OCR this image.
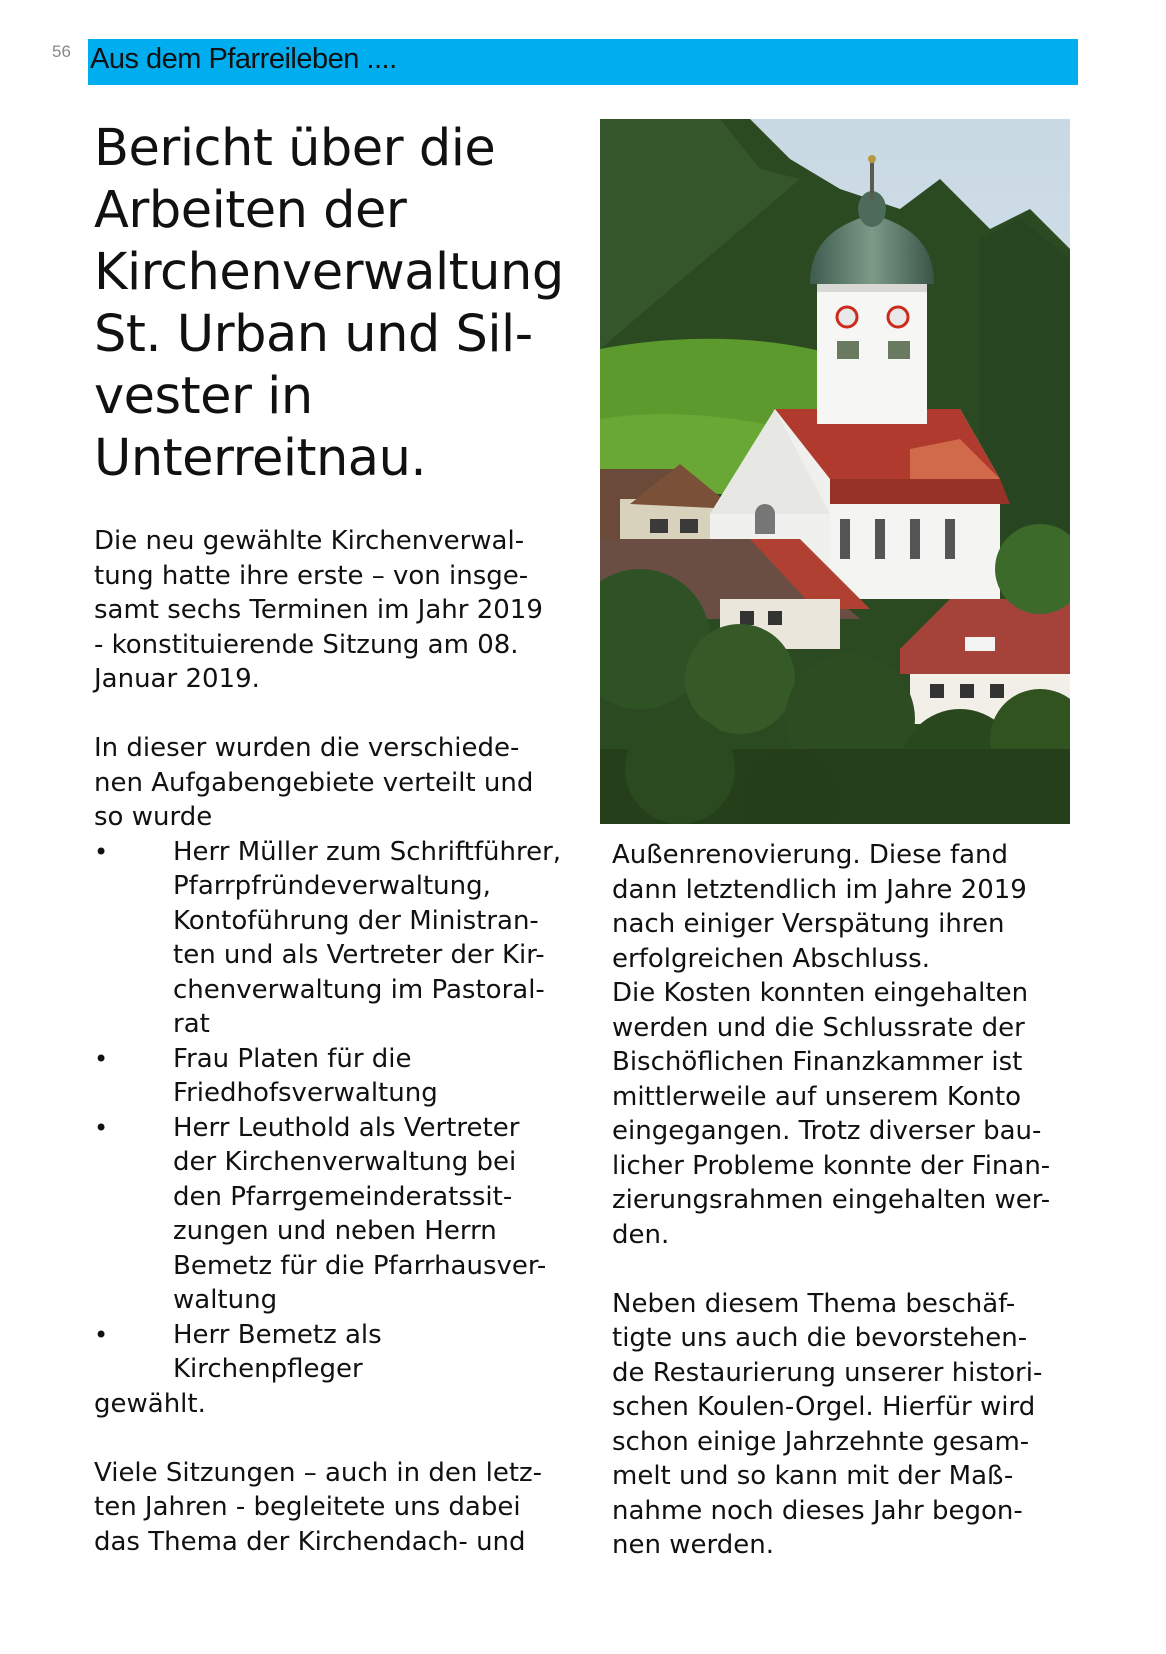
56 Aus dem Pfarreileben ....
Bericht über die
Arbeiten der
Kirchenverwaltung
St. Urban und Sil-
vester in
Unterreitnau.

Die neu gewählte Kirchenverwal-
tung hatte ihre erste – von insge-
samt sechs Terminen im Jahr 2019
- konstituierende Sitzung am 08.
Januar 2019.

In dieser wurden die verschiede-
nen Aufgabengebiete verteilt und
so wurde

• Herr Müller zum Schriftführer,
Pfarrpfründeverwaltung,
Kontoführung der Ministran-
ten und als Vertreter der Kir-
chenverwaltung im Pastoral-
rat
• Frau Platen für die
Friedhofsverwaltung
• Herr Leuthold als Vertreter
der Kirchenverwaltung bei
den Pfarrgemeinderatssit-
zungen und neben Herrn
Bemetz für die Pfarrhausver-
waltung
• Herr Bemetz als
Kirchenpfleger

gewählt.

Viele Sitzungen – auch in den letz-
ten Jahren - begleitete uns dabei
das Thema der Kirchendach- und

Außenrenovierung. Diese fand
dann letztendlich im Jahre 2019
nach einiger Verspätung ihren
erfolgreichen Abschluss.
Die Kosten konnten eingehalten
werden und die Schlussrate der
Bischöflichen Finanzkammer ist
mittlerweile auf unserem Konto
eingegangen. Trotz diverser bau-
licher Probleme konnte der Finan-
zierungsrahmen eingehalten wer-
den.

Neben diesem Thema beschäf-
tigte uns auch die bevorstehen-
de Restaurierung unserer histori-
schen Koulen-Orgel. Hierfür wird
schon einige Jahrzehnte gesam-
melt und so kann mit der Maß-
nahme noch dieses Jahr begon-
nen werden.
